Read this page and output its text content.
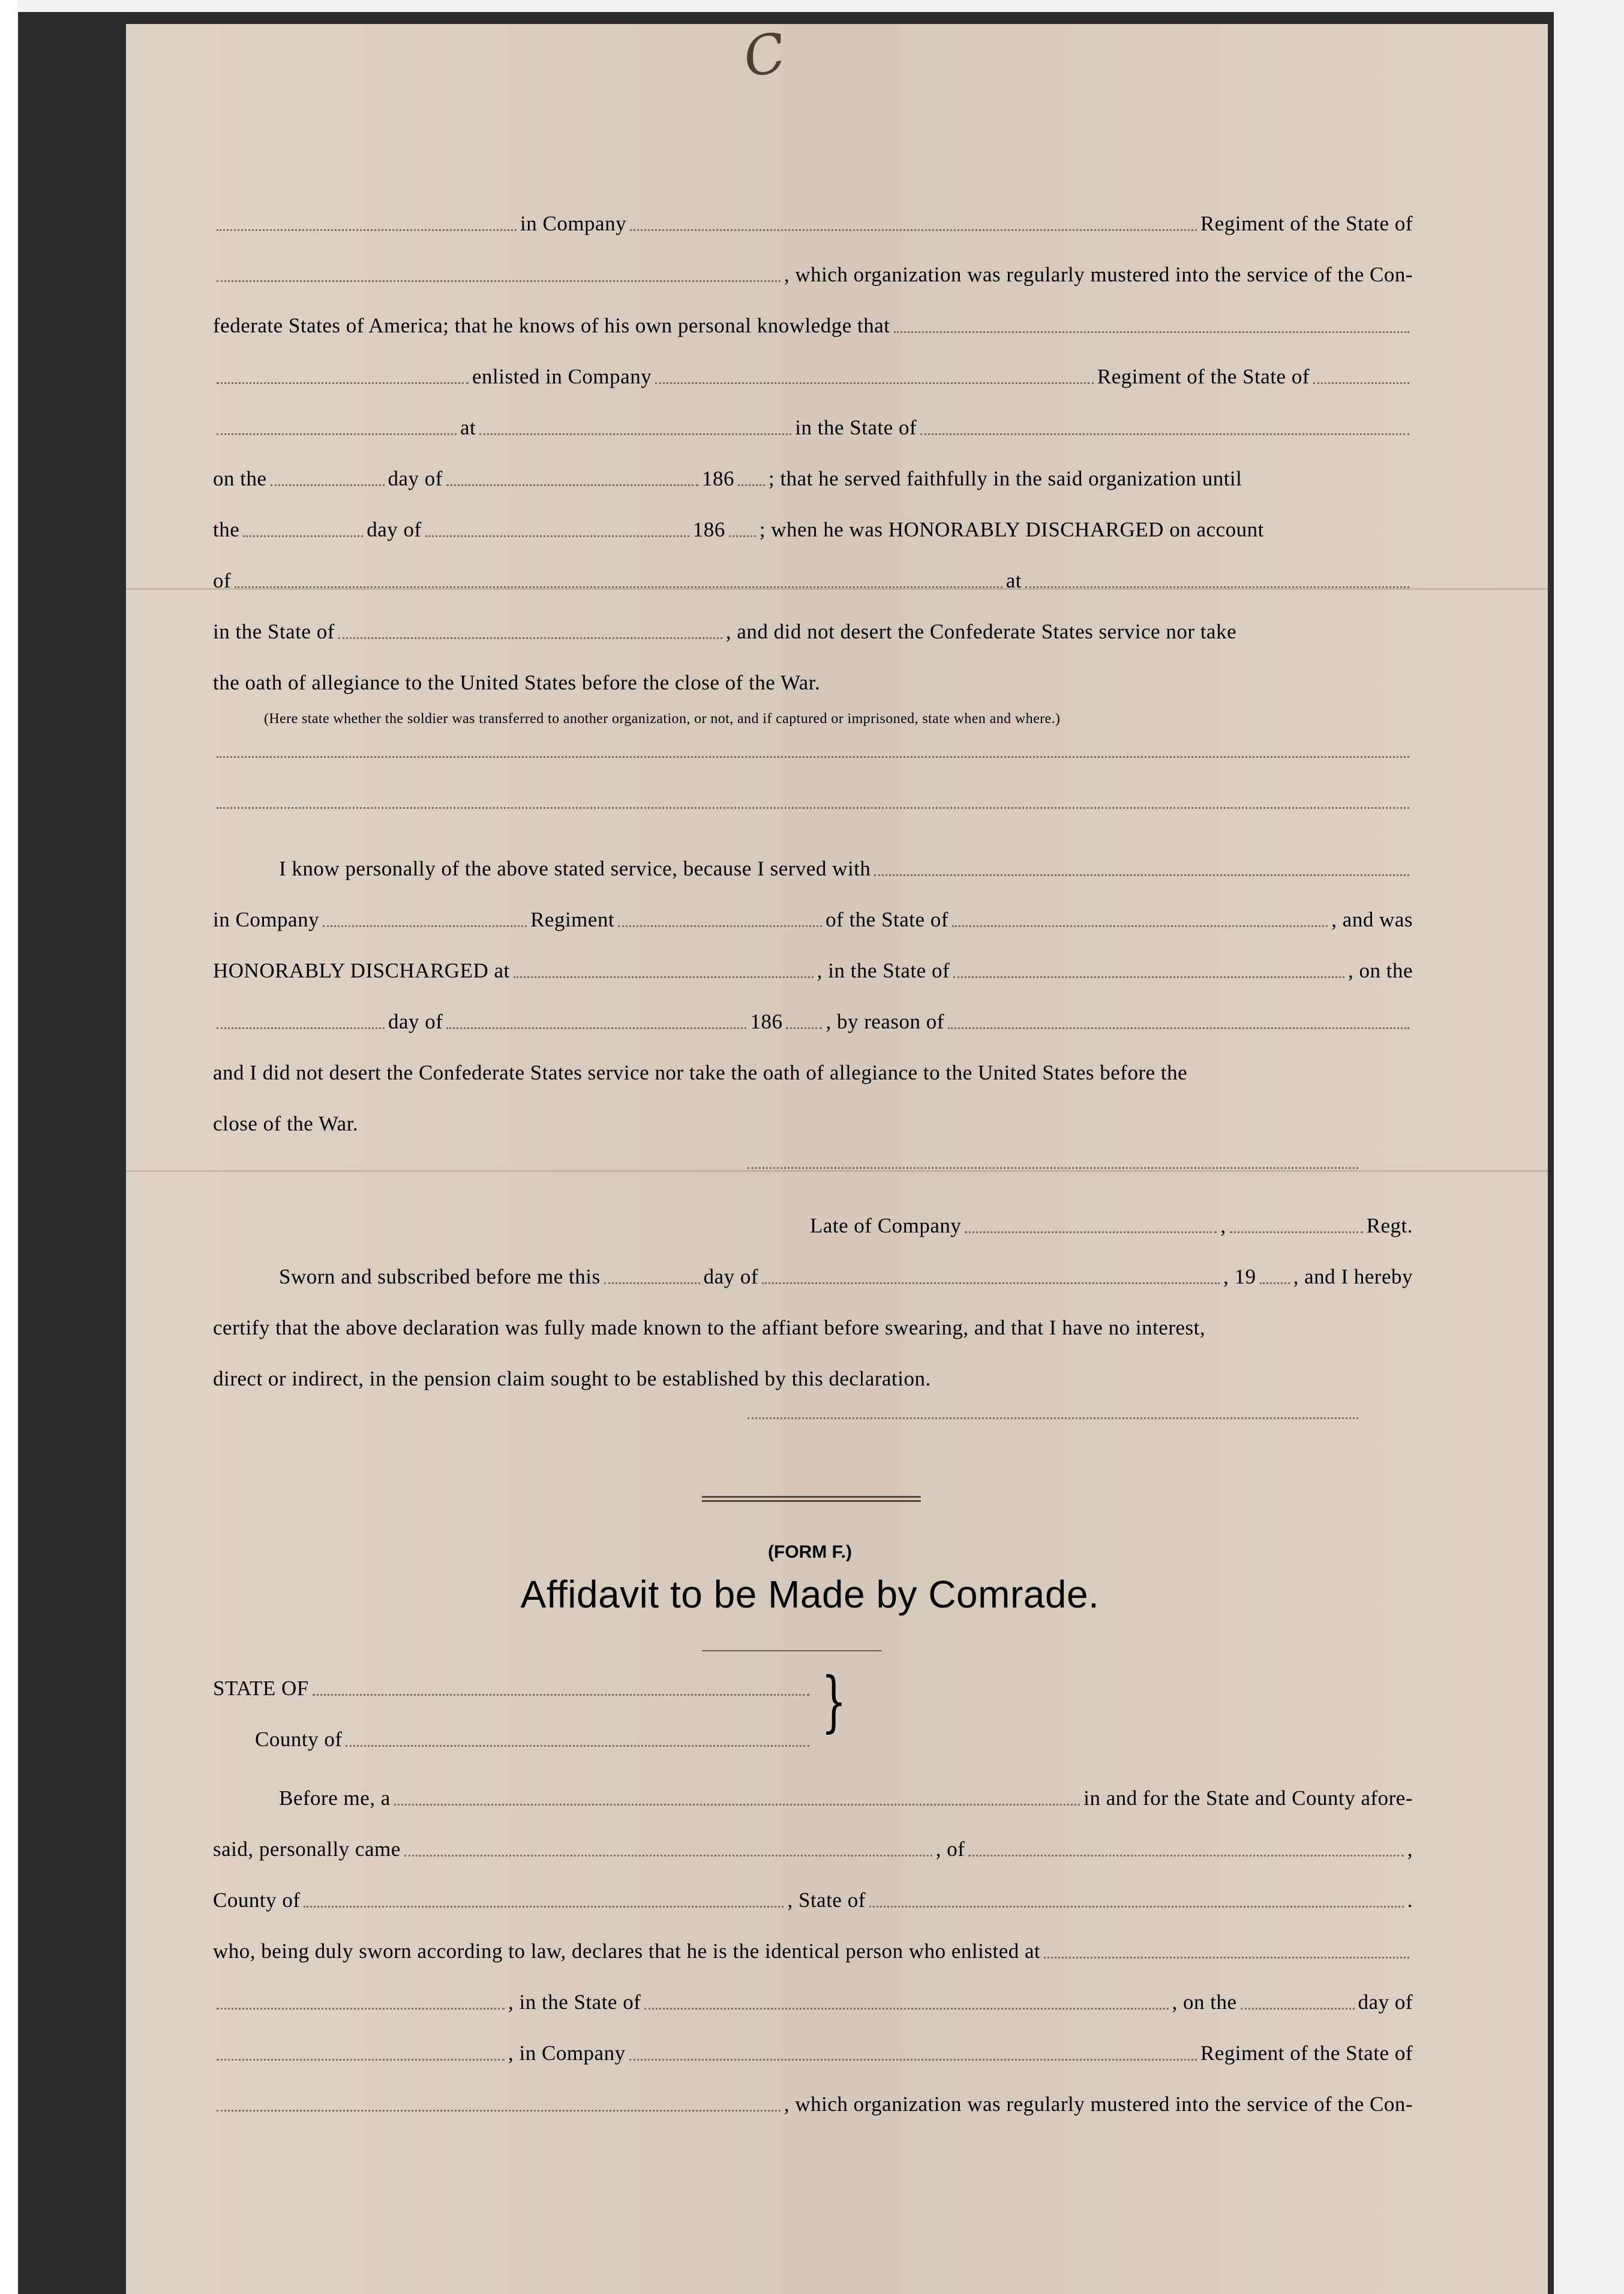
C
in Company	Regiment of the State of
, which organization was regularly mustered into the service of the Con-
federate States of America; that he knows of his own personal knowledge that
enlisted in Company	Regiment of the State of
at	in the State of
on the	day of	186 ; that he served faithfully in the said organization until
the	day of	186 ; when he was HONORABLY DISCHARGED on account
of	at
in the State of	, and did not desert the Confederate States service nor take
the oath of allegiance to the United States before the close of the War.
(Here state whether the soldier was transferred to another organization, or not, and if captured or imprisoned, state when and where.)
I know personally of the above stated service, because I served with
in Company	Regiment	of the State of	, and was
HONORABLY DISCHARGED at	, in the State of	, on the
day of	186 , by reason of
and I did not desert the Confederate States service nor take the oath of allegiance to the United States before the
close of the War.
Late of Company	,	Regt.
Sworn and subscribed before me this	day of	, 19 , and I hereby
certify that the above declaration was fully made known to the affiant before swearing, and that I have no interest,
direct or indirect, in the pension claim sought to be established by this declaration.
(FORM F.)
Affidavit to be Made by Comrade.
STATE OF
County of	}
Before me, a	in and for the State and County afore-
said, personally came	, of	,
County of	, State of	.
who, being duly sworn according to law, declares that he is the identical person who enlisted at
, in the State of	, on the	day of
, in Company	Regiment of the State of
, which organization was regularly mustered into the service of the Con-
